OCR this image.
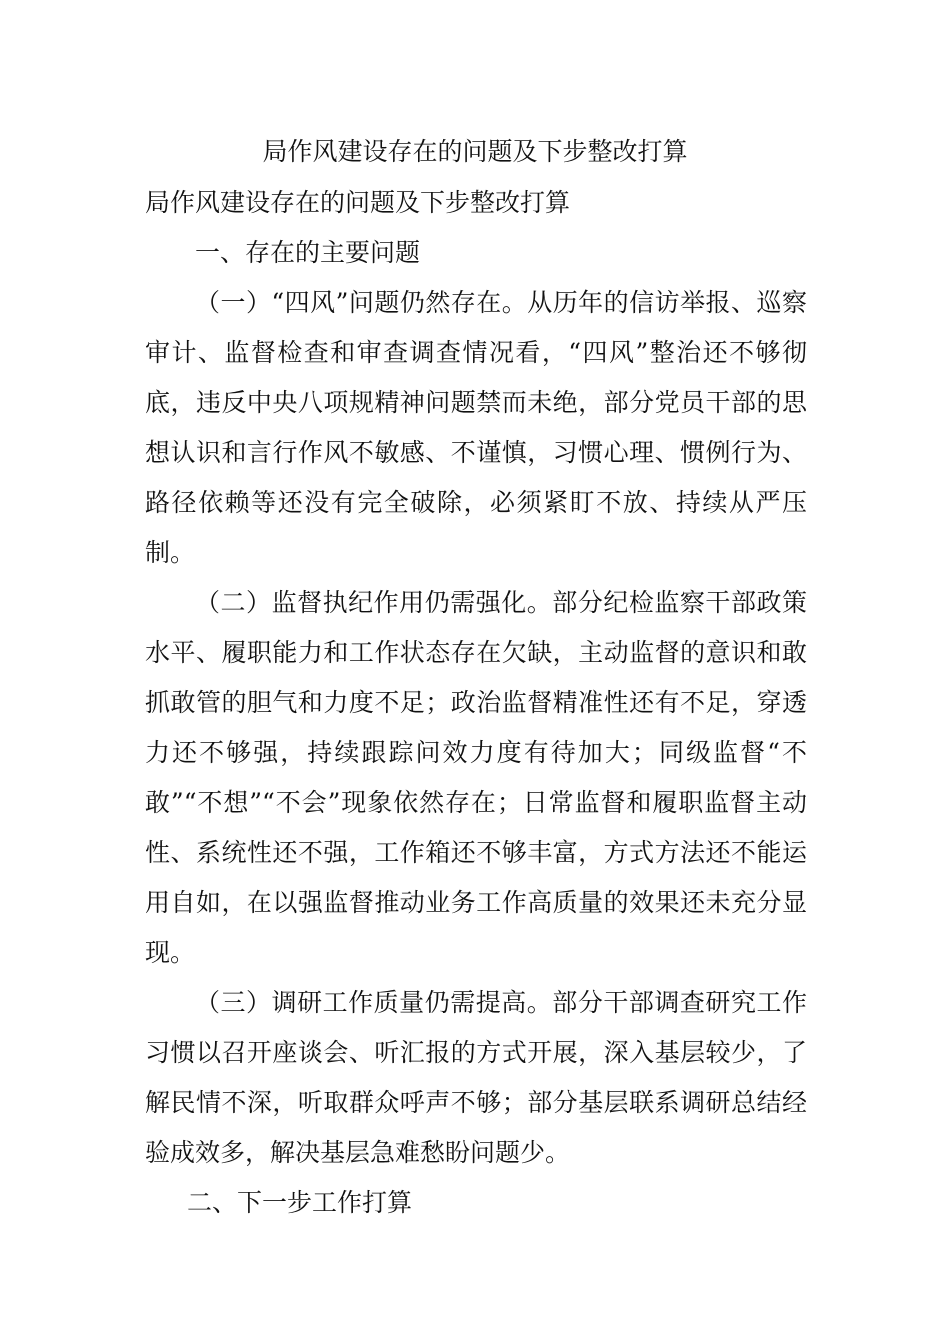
局作风建设存在的问题及下步整改打算

局作风建设存在的问题及下步整改打算

一、存在的主要问题

（一）“四风”问题仍然存在。从历年的信访举报、巡察审计、监督检查和审查调查情况看，“四风”整治还不够彻底，违反中央八项规精神问题禁而未绝，部分党员干部的思想认识和言行作风不敏感、不谨慎，习惯心理、惯例行为、路径依赖等还没有完全破除，必须紧盯不放、持续从严压制。

（二）监督执纪作用仍需强化。部分纪检监察干部政策水平、履职能力和工作状态存在欠缺，主动监督的意识和敢抓敢管的胆气和力度不足；政治监督精准性还有不足，穿透力还不够强，持续跟踪问效力度有待加大；同级监督“不敢”“不想”“不会”现象依然存在；日常监督和履职监督主动性、系统性还不强，工作箱还不够丰富，方式方法还不能运用自如，在以强监督推动业务工作高质量的效果还未充分显现。

（三）调研工作质量仍需提高。部分干部调查研究工作习惯以召开座谈会、听汇报的方式开展，深入基层较少，了解民情不深，听取群众呼声不够；部分基层联系调研总结经验成效多，解决基层急难愁盼问题少。

二、下一步工作打算
